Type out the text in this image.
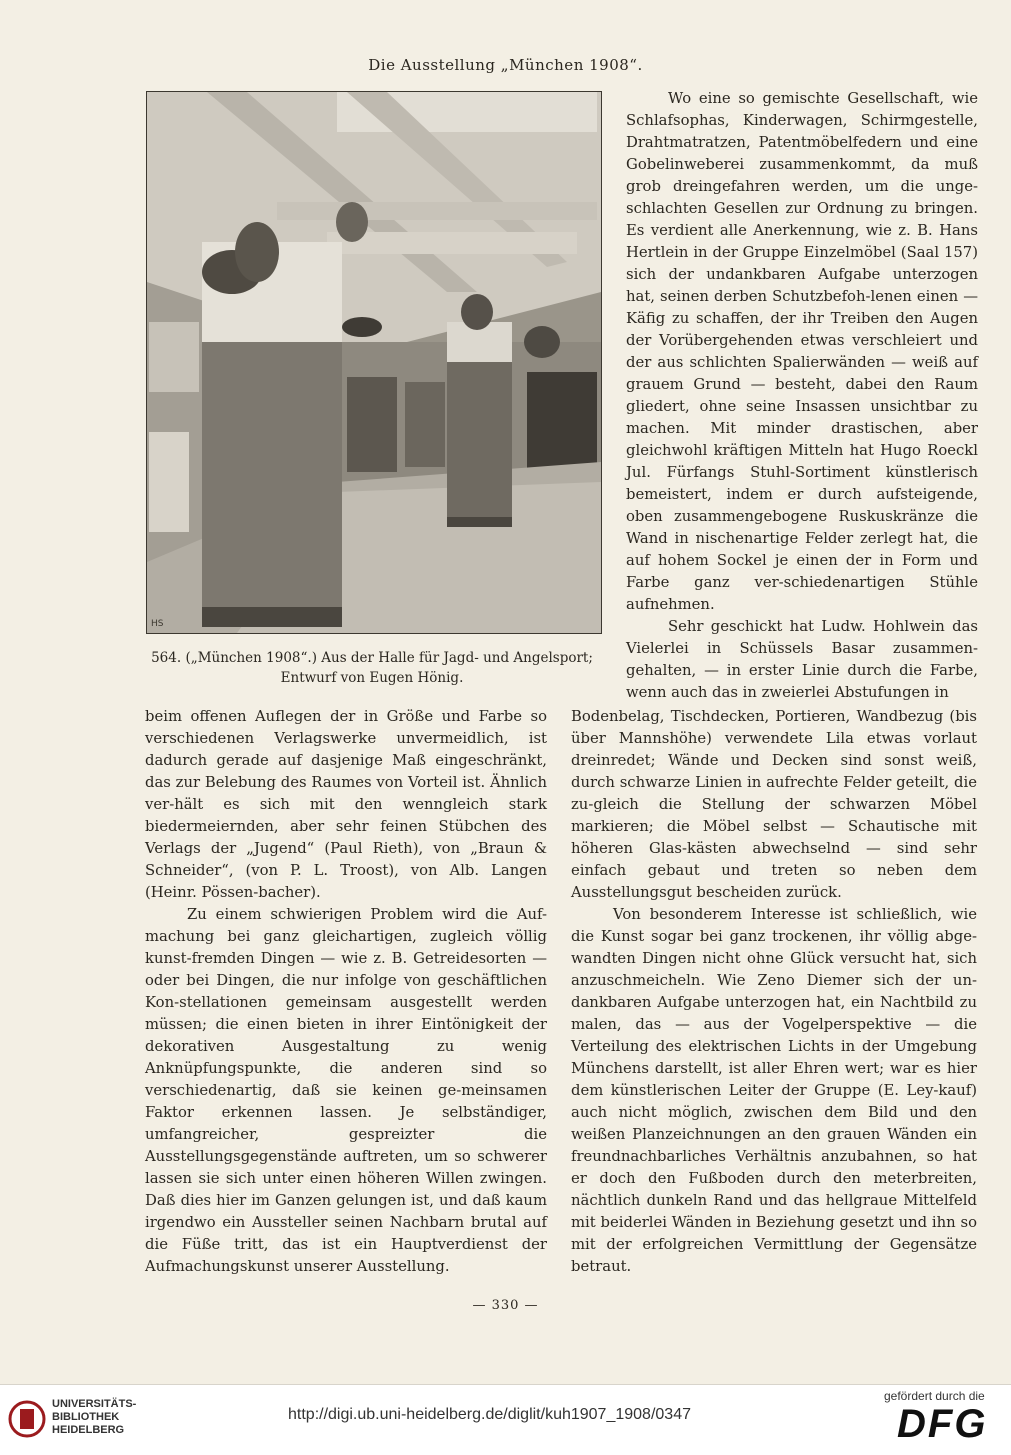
Die Ausstellung „München 1908“.
HS
564. („München 1908“.) Aus der Halle für Jagd- und Angelsport;
Entwurf von Eugen Hönig.

Wo eine so gemischte Gesellschaft, wie Schlafsophas, Kinderwagen, Schirmgestelle, Drahtmatratzen, Patentmöbelfedern und eine Gobelinweberei zusammenkommt, da muß grob dreingefahren werden, um die unge-schlachten Gesellen zur Ordnung zu bringen. Es verdient alle Anerkennung, wie z. B. Hans Hertlein in der Gruppe Einzelmöbel (Saal 157) sich der undankbaren Aufgabe unterzogen hat, seinen derben Schutzbefoh-lenen einen — Käfig zu schaffen, der ihr Treiben den Augen der Vorübergehenden etwas verschleiert und der aus schlichten Spalierwänden — weiß auf grauem Grund — besteht, dabei den Raum gliedert, ohne seine Insassen unsichtbar zu machen. Mit minder drastischen, aber gleichwohl kräftigen Mitteln hat Hugo Roeckl Jul. Fürfangs Stuhl-Sortiment künstlerisch bemeistert, indem er durch aufsteigende, oben zusammengebogene Ruskuskränze die Wand in nischenartige Felder zerlegt hat, die auf hohem Sockel je einen der in Form und Farbe ganz ver-schiedenartigen Stühle aufnehmen.

Sehr geschickt hat Ludw. Hohlwein das Vielerlei in Schüssels Basar zusammen-gehalten, — in erster Linie durch die Farbe, wenn auch das in zweierlei Abstufungen in

beim offenen Auflegen der in Größe und Farbe so verschiedenen Verlagswerke unvermeidlich, ist dadurch gerade auf dasjenige Maß eingeschränkt, das zur Belebung des Raumes von Vorteil ist. Ähnlich ver-hält es sich mit den wenngleich stark biedermeiernden, aber sehr feinen Stübchen des Verlags der „Jugend“ (Paul Rieth), von „Braun & Schneider“, (von P. L. Troost), von Alb. Langen (Heinr. Pössen-bacher).

Zu einem schwierigen Problem wird die Auf-machung bei ganz gleichartigen, zugleich völlig kunst-fremden Dingen — wie z. B. Getreidesorten — oder bei Dingen, die nur infolge von geschäftlichen Kon-stellationen gemeinsam ausgestellt werden müssen; die einen bieten in ihrer Eintönigkeit der dekorativen Ausgestaltung zu wenig Anknüpfungspunkte, die anderen sind so verschiedenartig, daß sie keinen ge-meinsamen Faktor erkennen lassen. Je selbständiger, umfangreicher, gespreizter die Ausstellungsgegenstände auftreten, um so schwerer lassen sie sich unter einen höheren Willen zwingen. Daß dies hier im Ganzen gelungen ist, und daß kaum irgendwo ein Aussteller seinen Nachbarn brutal auf die Füße tritt, das ist ein Hauptverdienst der Aufmachungskunst unserer Ausstellung.

Bodenbelag, Tischdecken, Portieren, Wandbezug (bis über Mannshöhe) verwendete Lila etwas vorlaut dreinredet; Wände und Decken sind sonst weiß, durch schwarze Linien in aufrechte Felder geteilt, die zu-gleich die Stellung der schwarzen Möbel markieren; die Möbel selbst — Schautische mit höheren Glas-kästen abwechselnd — sind sehr einfach gebaut und treten so neben dem Ausstellungsgut bescheiden zurück.

Von besonderem Interesse ist schließlich, wie die Kunst sogar bei ganz trockenen, ihr völlig abge-wandten Dingen nicht ohne Glück versucht hat, sich anzuschmeicheln. Wie Zeno Diemer sich der un-dankbaren Aufgabe unterzogen hat, ein Nachtbild zu malen, das — aus der Vogelperspektive — die Verteilung des elektrischen Lichts in der Umgebung Münchens darstellt, ist aller Ehren wert; war es hier dem künstlerischen Leiter der Gruppe (E. Ley-kauf) auch nicht möglich, zwischen dem Bild und den weißen Planzeichnungen an den grauen Wänden ein freundnachbarliches Verhältnis anzubahnen, so hat er doch den Fußboden durch den meterbreiten, nächtlich dunkeln Rand und das hellgraue Mittelfeld mit beiderlei Wänden in Beziehung gesetzt und ihn so mit der erfolgreichen Vermittlung der Gegensätze betraut.

— 330 —
UNIVERSITÄTS-
BIBLIOTHEK
HEIDELBERG
http://digi.ub.uni-heidelberg.de/diglit/kuh1907_1908/0347
gefördert durch die
DFG
